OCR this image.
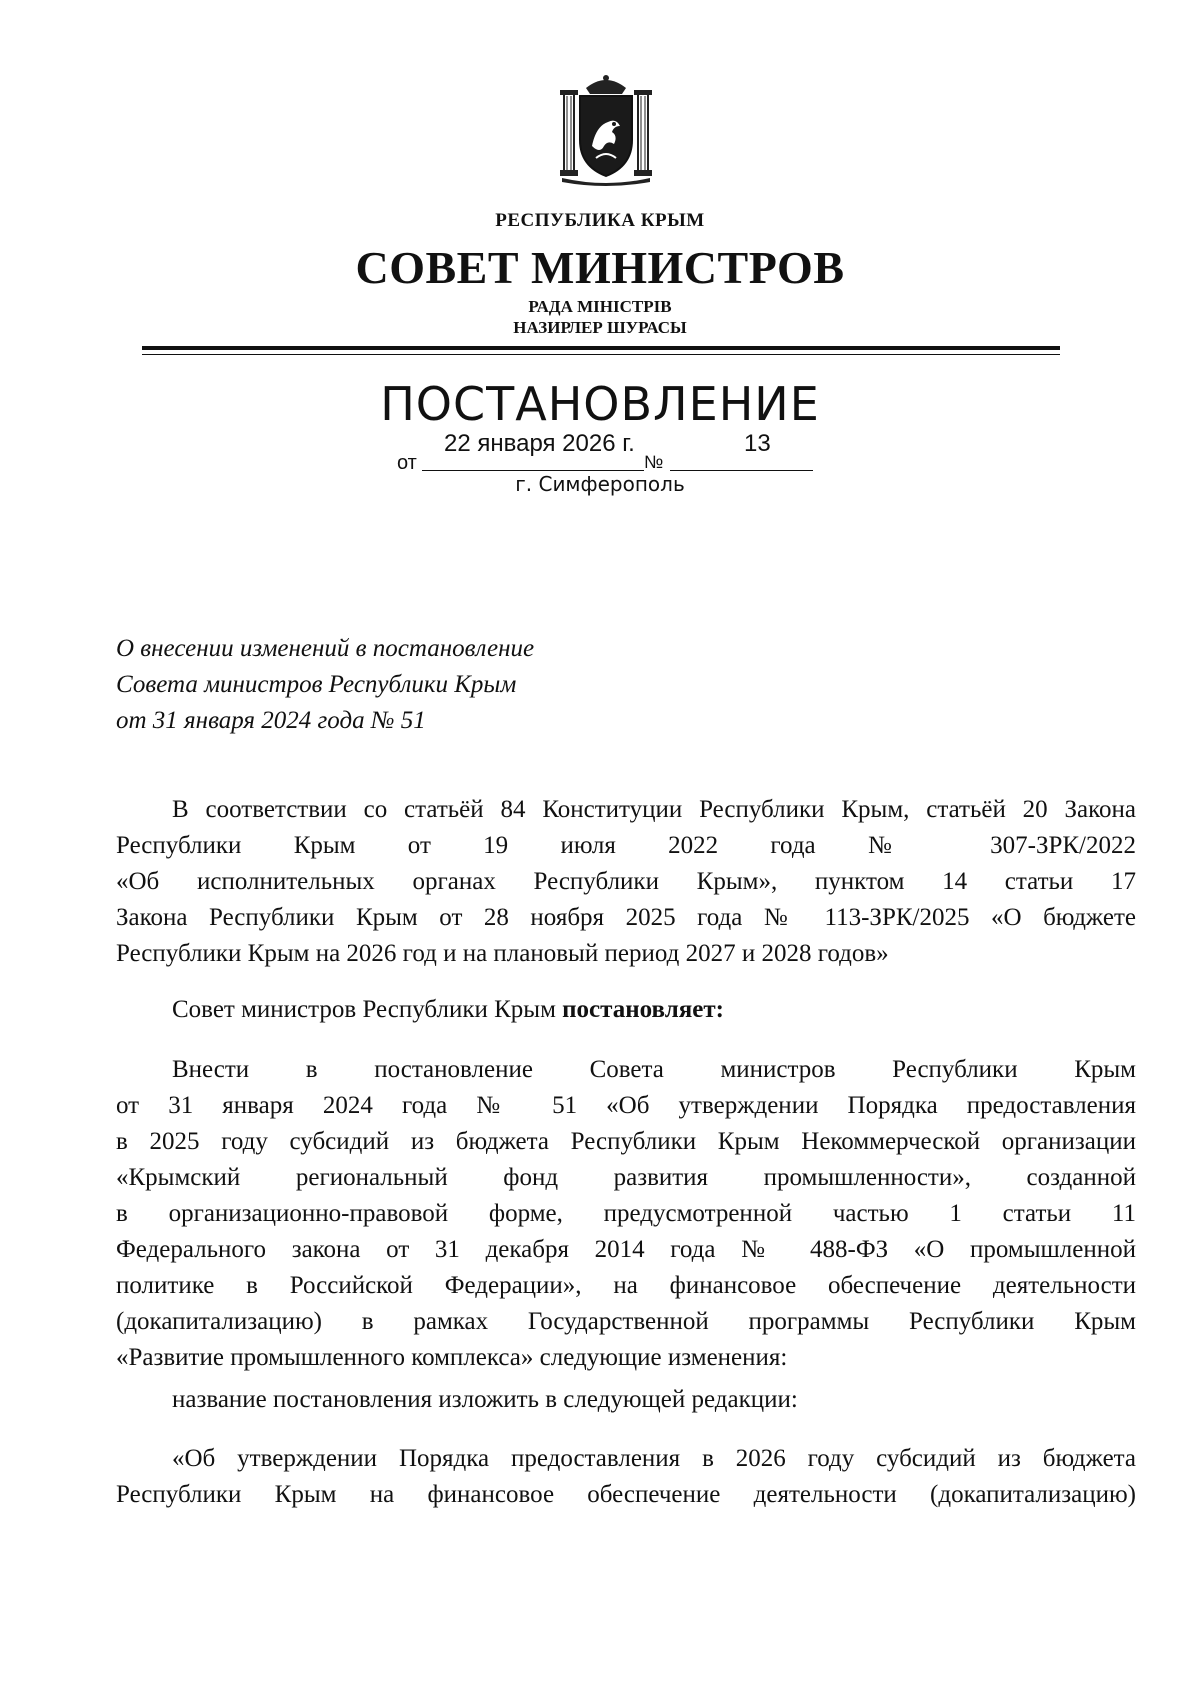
РЕСПУБЛИКА КРЫМ
СОВЕТ МИНИСТРОВ
РАДА МІНІСТРІВ
НАЗИРЛЕР ШУРАСЫ
ПОСТАНОВЛЕНИЕ
от
22 января 2026 г.
№
13
г. Симферополь
О внесении изменений в постановление
Совета министров Республики Крым
от 31 января 2024 года № 51
В соответствии со статьёй 84 Конституции Республики Крым, статьёй 20 Закона
Республики Крым от 19 июля 2022 года № 307-ЗРК/2022
«Об исполнительных органах Республики Крым», пунктом 14 статьи 17
Закона Республики Крым от 28 ноября 2025 года № 113-ЗРК/2025 «О бюджете
Республики Крым на 2026 год и на плановый период 2027 и 2028 годов»
Совет министров Республики Крым постановляет:
Внести в постановление Совета министров Республики Крым
от 31 января 2024 года № 51 «Об утверждении Порядка предоставления
в 2025 году субсидий из бюджета Республики Крым Некоммерческой организации
«Крымский региональный фонд развития промышленности», созданной
в организационно-правовой форме, предусмотренной частью 1 статьи 11
Федерального закона от 31 декабря 2014 года № 488-ФЗ «О промышленной
политике в Российской Федерации», на финансовое обеспечение деятельности
(докапитализацию) в рамках Государственной программы Республики Крым
«Развитие промышленного комплекса» следующие изменения:
название постановления изложить в следующей редакции:
«Об утверждении Порядка предоставления в 2026 году субсидий из бюджета
Республики Крым на финансовое обеспечение деятельности (докапитализацию)
